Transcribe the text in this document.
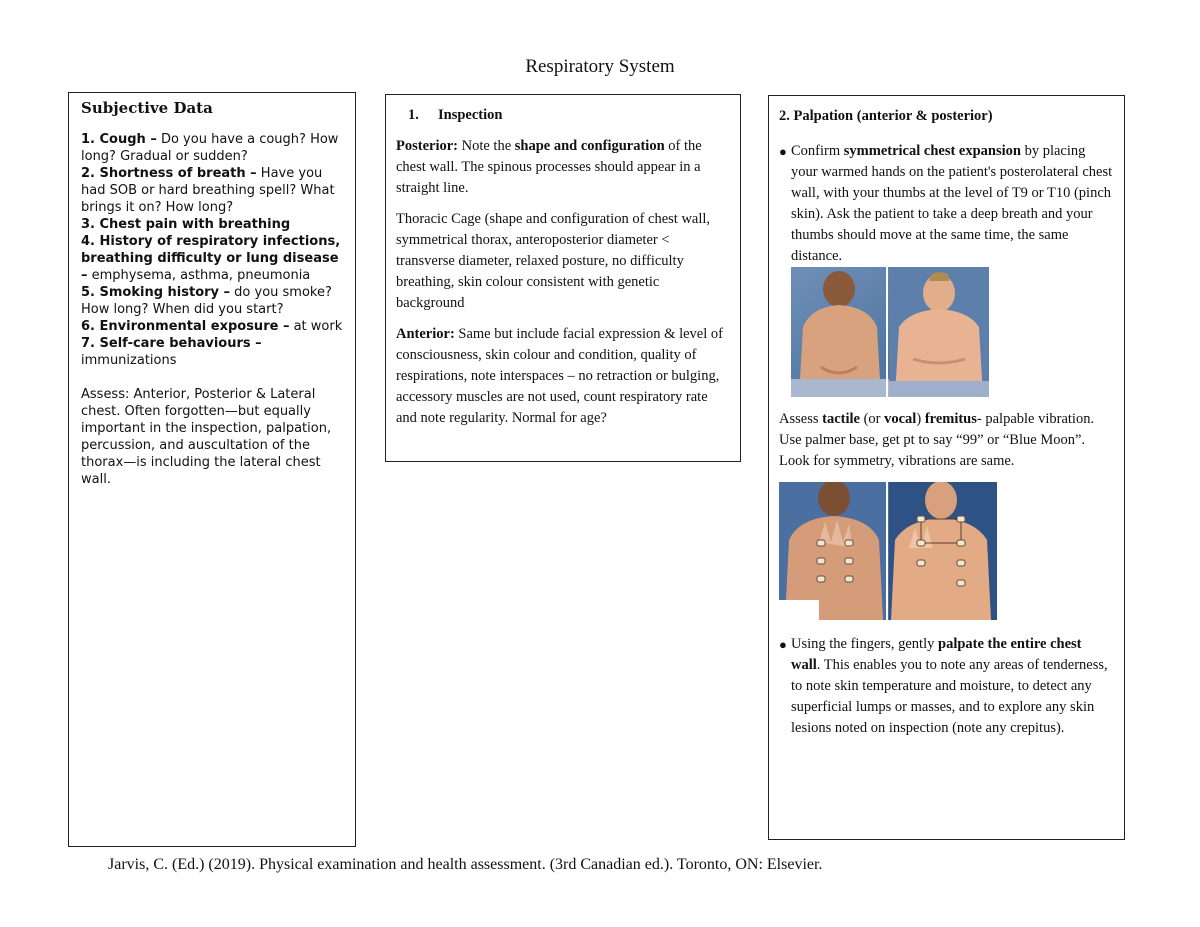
Respiratory System
Subjective Data
1. Cough – Do you have a cough? How long? Gradual or sudden?
2. Shortness of breath – Have you had SOB or hard breathing spell? What brings it on? How long?
3. Chest pain with breathing
4. History of respiratory infections, breathing difficulty or lung disease – emphysema, asthma, pneumonia
5. Smoking history – do you smoke? How long? When did you start?
6. Environmental exposure – at work
7. Self-care behaviours – immunizations
Assess: Anterior, Posterior & Lateral chest. Often forgotten—but equally important in the inspection, palpation, percussion, and auscultation of the thorax—is including the lateral chest wall.
1. Inspection

Posterior: Note the shape and configuration of the chest wall. The spinous processes should appear in a straight line.

Thoracic Cage (shape and configuration of chest wall, symmetrical thorax, anteroposterior diameter < transverse diameter, relaxed posture, no difficulty breathing, skin colour consistent with genetic background

Anterior: Same but include facial expression & level of consciousness, skin colour and condition, quality of respirations, note interspaces – no retraction or bulging, accessory muscles are not used, count respiratory rate and note regularity. Normal for age?

2. Palpation (anterior & posterior)
● Confirm symmetrical chest expansion by placing your warmed hands on the patient's posterolateral chest wall, with your thumbs at the level of T9 or T10 (pinch skin). Ask the patient to take a deep breath and your thumbs should move at the same time, the same distance.

Assess tactile (or vocal) fremitus- palpable vibration. Use palmer base, get pt to say “99” or “Blue Moon”. Look for symmetry, vibrations are same.

● Using the fingers, gently palpate the entire chest wall. This enables you to note any areas of tenderness, to note skin temperature and moisture, to detect any superficial lumps or masses, and to explore any skin lesions noted on inspection (note any crepitus).
Jarvis, C. (Ed.) (2019). Physical examination and health assessment. (3rd Canadian ed.). Toronto, ON: Elsevier.
